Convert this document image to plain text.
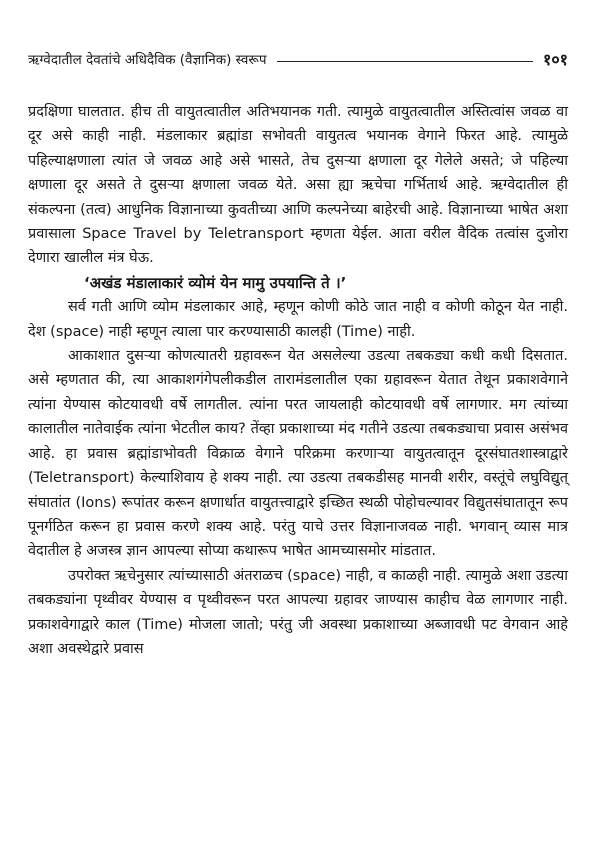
ऋग्वेदातील देवतांचे अधिदैविक (वैज्ञानिक) स्वरूप	१०१

प्रदक्षिणा घालतात. हीच ती वायुतत्वातील अतिभयानक गती. त्यामुळे वायुतत्वातील अस्तित्वांस जवळ वा दूर असे काही नाही. मंडलाकार ब्रह्मांडा सभोवती वायुतत्व भयानक वेगाने फिरत आहे. त्यामुळे पहिल्याक्षणाला त्यांत जे जवळ आहे असे भासते, तेच दुसऱ्या क्षणाला दूर गेलेले असते; जे पहिल्या क्षणाला दूर असते ते दुसऱ्या क्षणाला जवळ येते. असा ह्या ऋचेचा गर्भितार्थ आहे. ऋग्वेदातील ही संकल्पना (तत्व) आधुनिक विज्ञानाच्या कुवतीच्या आणि कल्पनेच्या बाहेरची आहे. विज्ञानाच्या भाषेत अशा प्रवासाला Space Travel by Teletransport म्हणता येईल. आता वरील वैदिक तत्वांस दुजोरा देणारा खालील मंत्र घेऊ.

‘अखंड मंडालाकारं व्योमं येन मामु उपयान्ति ते ।’

सर्व गती आणि व्योम मंडलाकार आहे, म्हणून कोणी कोठे जात नाही व कोणी कोठून येत नाही. देश (space) नाही म्हणून त्याला पार करण्यासाठी कालही (Time) नाही.

आकाशात दुसऱ्या कोणत्यातरी ग्रहावरून येत असलेल्या उडत्या तबकड्या कधी कधी दिसतात. असे म्हणतात की, त्या आकाशगंगेपलीकडील तारामंडलातील एका ग्रहावरून येतात तेथून प्रकाशवेगाने त्यांना येण्यास कोटयावधी वर्षे लागतील. त्यांना परत जायलाही कोटयावधी वर्षे लागणार. मग त्यांच्या कालातील नातेवाईक त्यांना भेटतील काय? तेंव्हा प्रकाशाच्या मंद गतीने उडत्या तबकड्याचा प्रवास असंभव आहे. हा प्रवास ब्रह्मांडाभोवती विक्राळ वेगाने परिक्रमा करणाऱ्या वायुतत्वातून दूरसंघातशास्त्राद्वारे (Teletransport) केल्याशिवाय हे शक्य नाही. त्या उडत्या तबकडीसह मानवी शरीर, वस्तूंचे लघुविद्युत् संघातांत (Ions) रूपांतर करून क्षणार्धात वायुतत्त्वाद्वारे इच्छित स्थळी पोहोचल्यावर विद्युतसंघातातून रूप पूनर्गठित करून हा प्रवास करणे शक्य आहे. परंतु याचे उत्तर विज्ञानाजवळ नाही. भगवान् व्यास मात्र वेदातील हे अजस्त्र ज्ञान आपल्या सोप्या कथारूप भाषेत आमच्यासमोर मांडतात.

उपरोक्त ऋचेनुसार त्यांच्यासाठी अंतराळच (space) नाही, व काळही नाही. त्यामुळे अशा उडत्या तबकड्यांना पृथ्वीवर येण्यास व पृथ्वीवरून परत आपल्या ग्रहावर जाण्यास काहीच वेळ लागणार नाही. प्रकाशवेगाद्वारे काल (Time) मोजला जातो; परंतु जी अवस्था प्रकाशाच्या अब्जावधी पट वेगवान आहे अशा अवस्थेद्वारे प्रवास
